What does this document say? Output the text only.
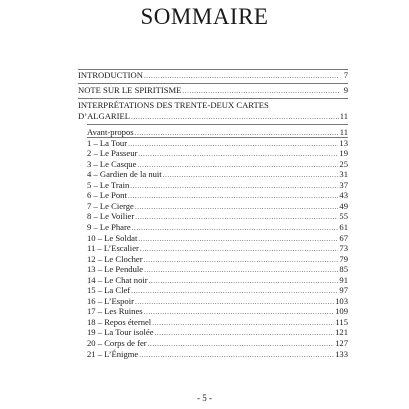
SOMMAIRE
INTRODUCTION .....	7
NOTE SUR LE SPIRITISME .....	9
INTERPRÉTATIONS DES TRENTE-DEUX CARTES
D’ALGARIEL .....	11
Avant-propos .....	11
1 – La Tour .....	13
2 – Le Passeur .....	19
3 – Le Casque .....	25
4 – Gardien de la nuit .....	31
5 – Le Train .....	37
6 – Le Pont .....	43
7 – Le Cierge .....	49
8 – Le Voilier .....	55
9 – Le Phare .....	61
10 – Le Soldat .....	67
11 – L’Escalier .....	73
12 – Le Clocher .....	79
13 – Le Pendule .....	85
14 – Le Chat noir .....	91
15 – La Clef .....	97
16 – L’Espoir .....	103
17 – Les Ruines .....	109
18 – Repos éternel .....	115
19 – La Tour isolée .....	121
20 – Corps de fer .....	127
21 – L’Énigme .....	133
- 5 -
